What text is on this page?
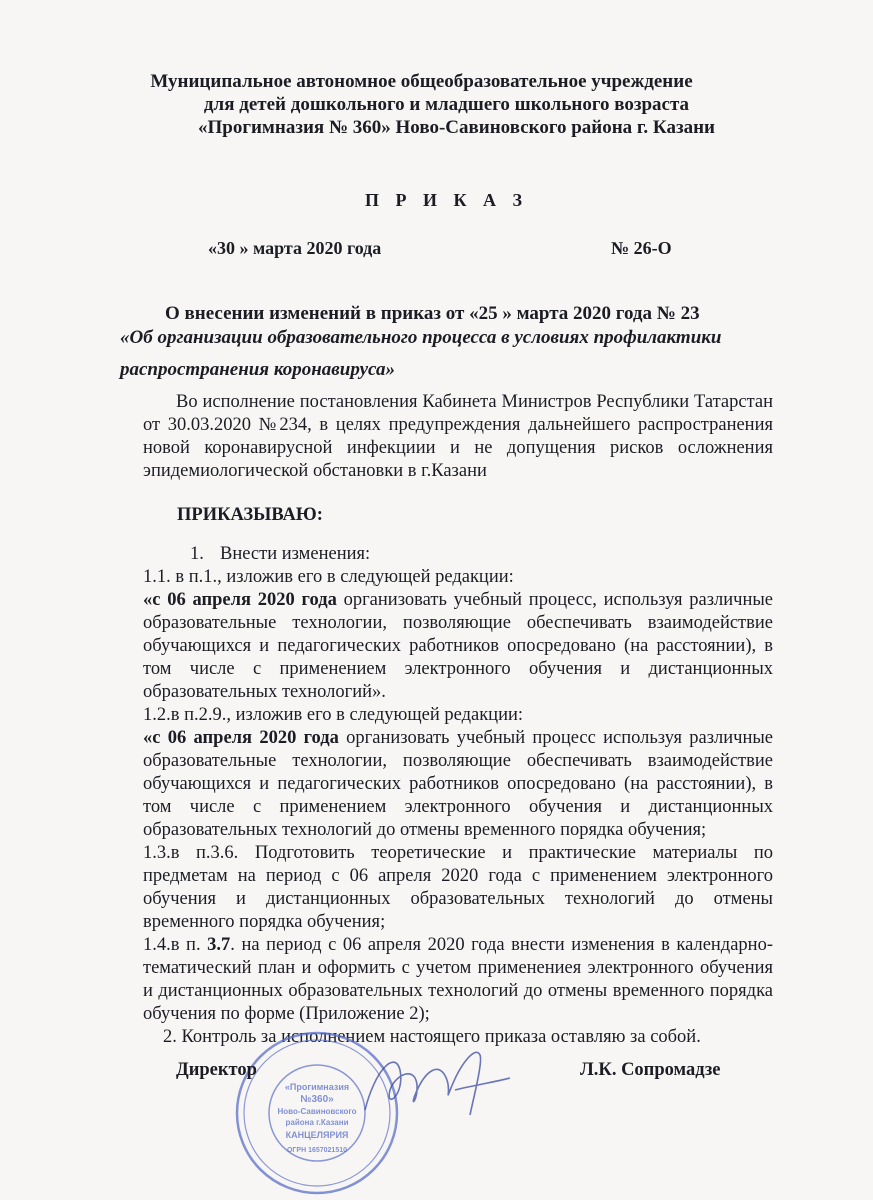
Муниципальное автономное общеобразовательное учреждение
для детей дошкольного и младшего школьного возраста
«Прогимназия № 360» Ново-Савиновского района г. Казани
П Р И К А З
«30 » марта 2020 года	№ 26-О
О внесении изменений в приказ от «25 » марта 2020 года № 23
«Об организации образовательного процесса в условиях профилактики
распространения коронавируса»
Во исполнение постановления Кабинета Министров Республики Татарстан от 30.03.2020 №234, в целях предупреждения дальнейшего распространения новой коронавирусной инфекциии и не допущения рисков осложнения эпидемиологической обстановки в г.Казани
ПРИКАЗЫВАЮ:

1. Внести изменения:

1.1. в п.1., изложив его в следующей редакции:

«с 06 апреля 2020 года организовать учебный процесс, используя различные образовательные технологии, позволяющие обеспечивать взаимодействие обучающихся и педагогических работников опосредовано (на расстоянии), в том числе с применением электронного обучения и дистанционных образовательных технологий».

1.2.в п.2.9., изложив его в следующей редакции:

«с 06 апреля 2020 года организовать учебный процесс используя различные образовательные технологии, позволяющие обеспечивать взаимодействие обучающихся и педагогических работников опосредовано (на расстоянии), в том числе с применением электронного обучения и дистанционных образовательных технологий до отмены временного порядка обучения;

1.3.в п.3.6. Подготовить теоретические и практические материалы по предметам на период с 06 апреля 2020 года с применением электронного обучения и дистанционных образовательных технологий до отмены временного порядка обучения;

1.4.в п. 3.7. на период с 06 апреля 2020 года внести изменения в календарно-тематический план и оформить с учетом применениея электронного обучения и дистанционных образовательных технологий до отмены временного порядка обучения по форме (Приложение 2);

2. Контроль за исполнением настоящего приказа оставляю за собой.

«Прогимназия
№360»
Ново-Савиновского
района г.Казани
КАНЦЕЛЯРИЯ
ОГРН 1657021510
Директор	Л.К. Сопромадзе
